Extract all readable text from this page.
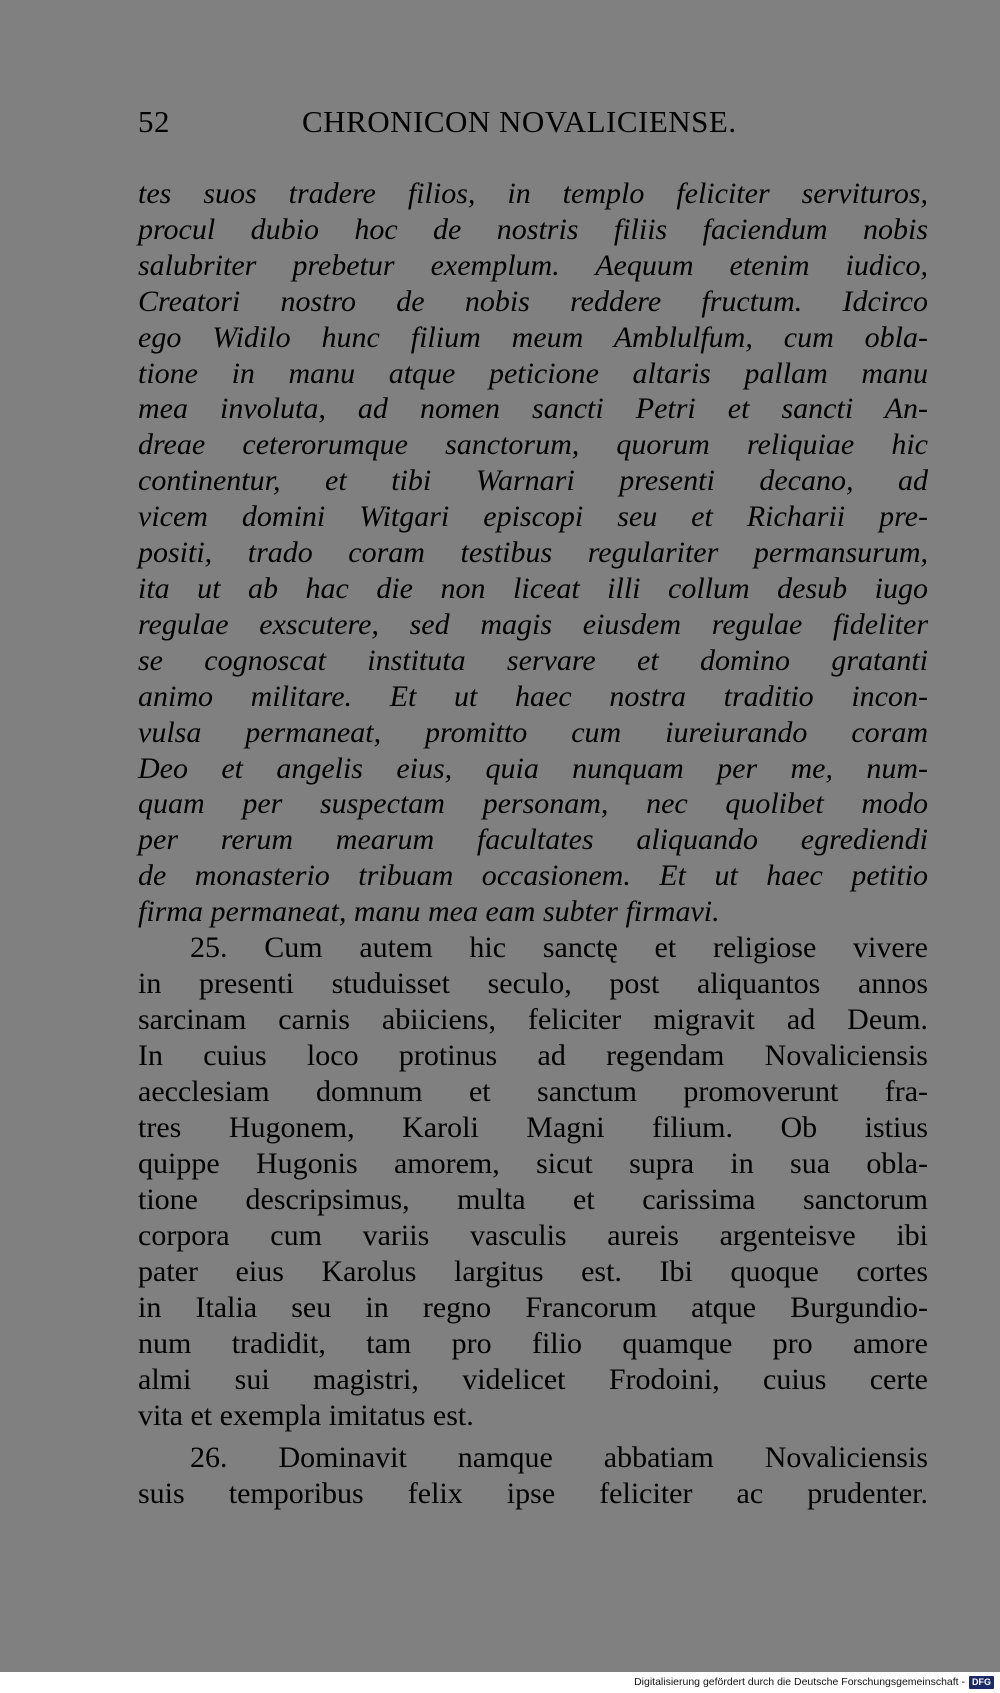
52	CHRONICON NOVALICIENSE.
tes suos tradere filios, in templo feliciter servituros,
procul dubio hoc de nostris filiis faciendum nobis
salubriter prebetur exemplum. Aequum etenim iudico,
Creatori nostro de nobis reddere fructum. Idcirco
ego Widilo hunc filium meum Amblulfum, cum obla-
tione in manu atque peticione altaris pallam manu
mea involuta, ad nomen sancti Petri et sancti An-
dreae ceterorumque sanctorum, quorum reliquiae hic
continentur, et tibi Warnari presenti decano, ad
vicem domini Witgari episcopi seu et Richarii pre-
positi, trado coram testibus regulariter permansurum,
ita ut ab hac die non liceat illi collum desub iugo
regulae exscutere, sed magis eiusdem regulae fideliter
se cognoscat instituta servare et domino gratanti
animo militare. Et ut haec nostra traditio incon-
vulsa permaneat, promitto cum iureiurando coram
Deo et angelis eius, quia nunquam per me, num-
quam per suspectam personam, nec quolibet modo
per rerum mearum facultates aliquando egrediendi
de monasterio tribuam occasionem. Et ut haec petitio
firma permaneat, manu mea eam subter firmavi.
25. Cum autem hic sanctę et religiose vivere
in presenti studuisset seculo, post aliquantos annos
sarcinam carnis abiiciens, feliciter migravit ad Deum.
In cuius loco protinus ad regendam Novaliciensis
aecclesiam domnum et sanctum promoverunt fra-
tres Hugonem, Karoli Magni filium. Ob istius
quippe Hugonis amorem, sicut supra in sua obla-
tione descripsimus, multa et carissima sanctorum
corpora cum variis vasculis aureis argenteisve ibi
pater eius Karolus largitus est. Ibi quoque cortes
in Italia seu in regno Francorum atque Burgundio-
num tradidit, tam pro filio quamque pro amore
almi sui magistri, videlicet Frodoini, cuius certe
vita et exempla imitatus est.
26. Dominavit namque abbatiam Novaliciensis
suis temporibus felix ipse feliciter ac prudenter.
Digitalisierung gefördert durch die Deutsche Forschungsgemeinschaft - DFG
